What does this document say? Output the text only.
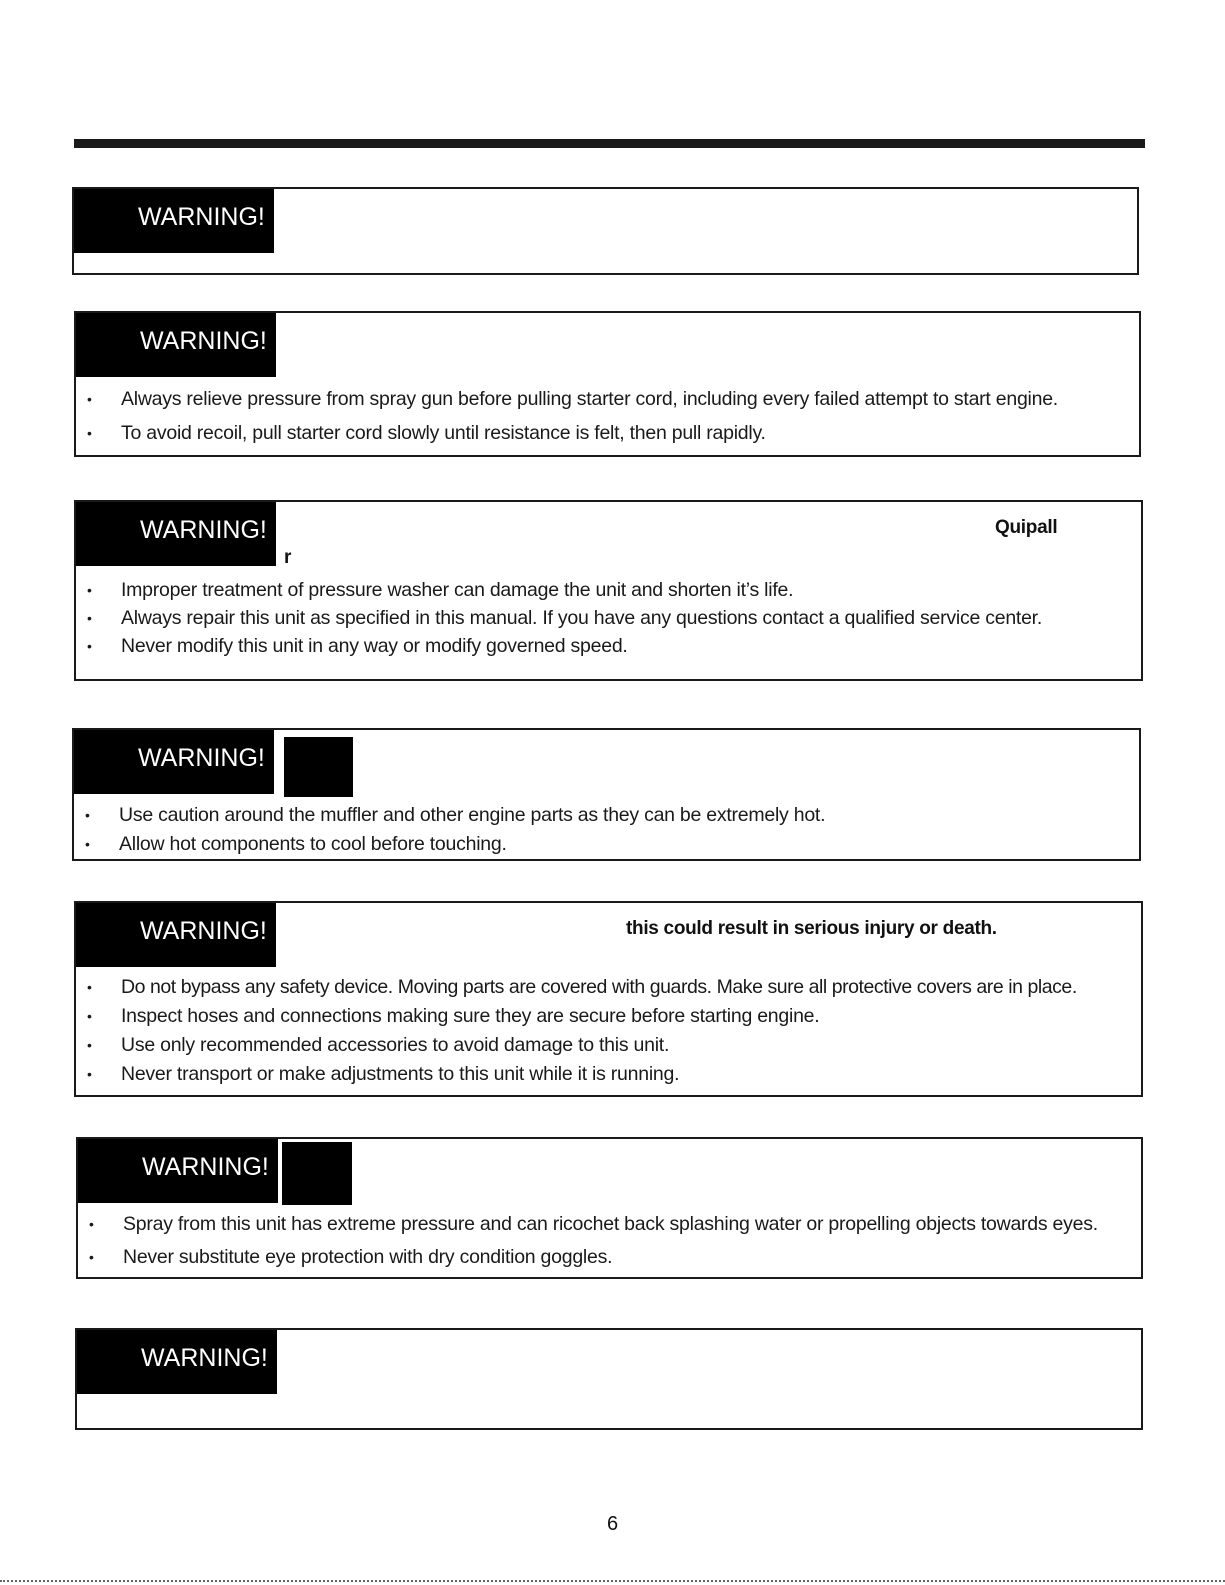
WARNING!
WARNING!
• Always relieve pressure from spray gun before pulling starter cord, including every failed attempt to start engine.
• To avoid recoil, pull starter cord slowly until resistance is felt, then pull rapidly.
WARNING!	Quipall
r
• Improper treatment of pressure washer can damage the unit and shorten it’s life.
• Always repair this unit as specified in this manual. If you have any questions contact a qualified service center.
• Never modify this unit in any way or modify governed speed.
WARNING!
• Use caution around the muffler and other engine parts as they can be extremely hot.
• Allow hot components to cool before touching.
WARNING!	this could result in serious injury or death.
• Do not bypass any safety device. Moving parts are covered with guards. Make sure all protective covers are in place.
• Inspect hoses and connections making sure they are secure before starting engine.
• Use only recommended accessories to avoid damage to this unit.
• Never transport or make adjustments to this unit while it is running.
WARNING!
• Spray from this unit has extreme pressure and can ricochet back splashing water or propelling objects towards eyes.
• Never substitute eye protection with dry condition goggles.
WARNING!
6
